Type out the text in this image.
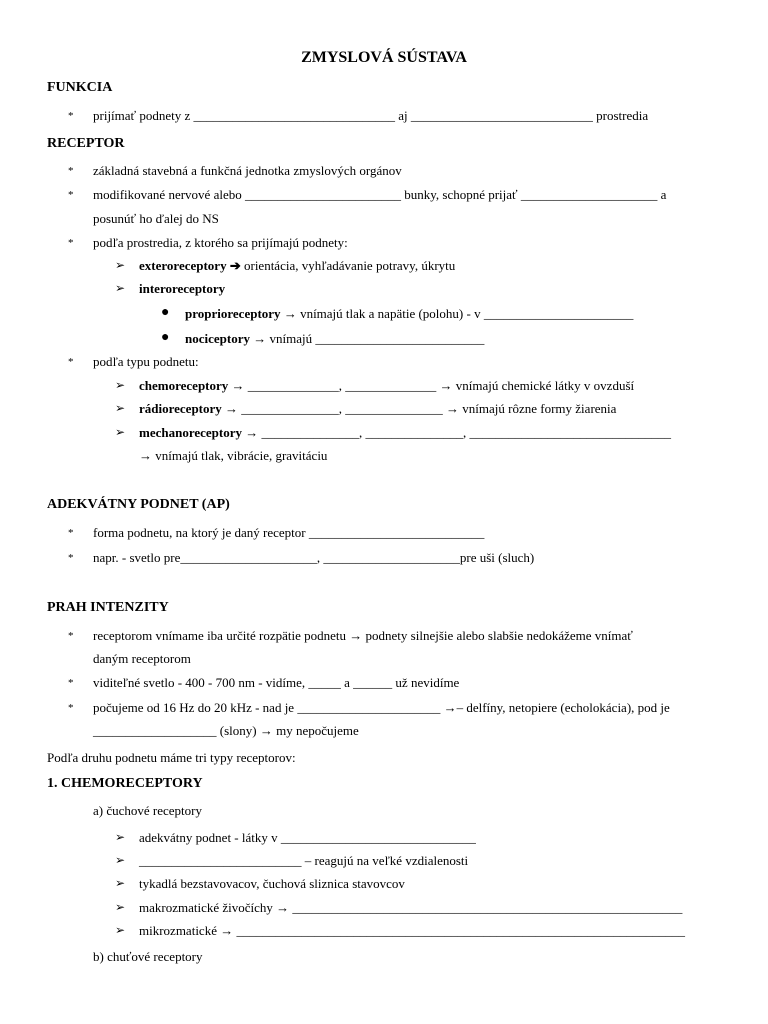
ZMYSLOVÁ SÚSTAVA
FUNKCIA
* prijímať podnety z _______________________________ aj ____________________________ prostredia
RECEPTOR
* základná stavebná a funkčná jednotka zmyslových orgánov
* modifikované nervové alebo ________________________ bunky, schopné prijať _____________________ a
posunúť ho ďalej do NS
* podľa prostredia, z ktorého sa prijímajú podnety:
➢ exteroreceptory ➔ orientácia, vyhľadávanie potravy, úkrytu
➢ interoreceptory
● proprioreceptory → vnímajú tlak a napätie (polohu) - v _______________________
● nociceptory → vnímajú __________________________
* podľa typu podnetu:
➢ chemoreceptory → ______________, ______________ → vnímajú chemické látky v ovzduší
➢ rádioreceptory → _______________, _______________ → vnímajú rôzne formy žiarenia
➢ mechanoreceptory → _______________, _______________, _______________________________
→ vnímajú tlak, vibrácie, gravitáciu
ADEKVÁTNY PODNET (AP)
* forma podnetu, na ktorý je daný receptor ___________________________
* napr. - svetlo pre_____________________, _____________________pre uši (sluch)
PRAH INTENZITY
* receptorom vnímame iba určité rozpätie podnetu → podnety silnejšie alebo slabšie nedokážeme vnímať
daným receptorom
* viditeľné svetlo - 400 - 700 nm - vidíme, _____ a ______ už nevidíme
* počujeme od 16 Hz do 20 kHz - nad je ______________________ →– delfíny, netopiere (echolokácia), pod je
___________________ (slony) → my nepočujeme
Podľa druhu podnetu máme tri typy receptorov:
1. CHEMORECEPTORY
a) čuchové receptory
➢ adekvátny podnet - látky v ______________________________
➢ _________________________ – reagujú na veľké vzdialenosti
➢ tykadlá bezstavovacov, čuchová sliznica stavovcov
➢ makrozmatické živočíchy → ____________________________________________________________
➢ mikrozmatické → _____________________________________________________________________
b) chuťové receptory
